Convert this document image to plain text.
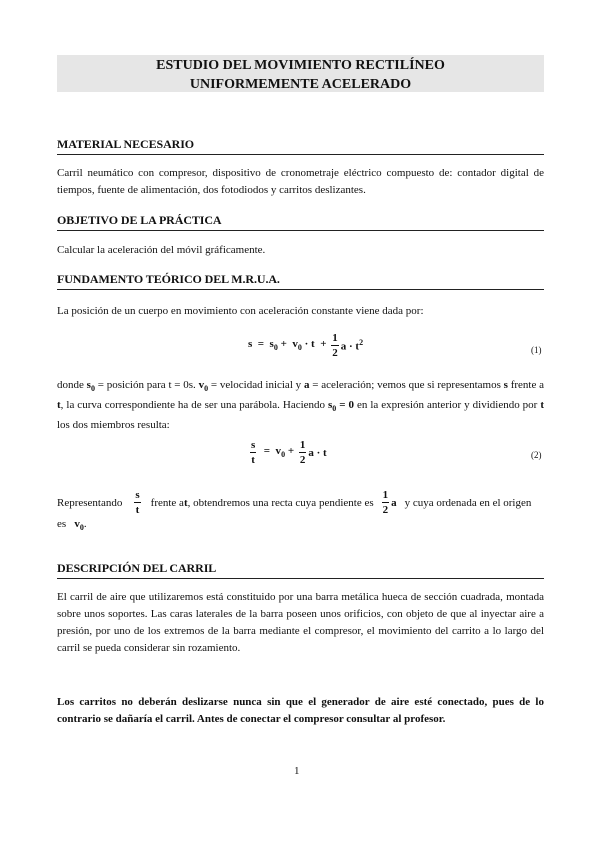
ESTUDIO DEL MOVIMIENTO RECTILÍNEO
UNIFORMEMENTE ACELERADO
MATERIAL NECESARIO
Carril neumático con compresor, dispositivo de cronometraje eléctrico compuesto de: contador digital de tiempos, fuente de alimentación, dos fotodiodos y carritos deslizantes.
OBJETIVO DE LA PRÁCTICA
Calcular la aceleración del móvil gráficamente.
FUNDAMENTO TEÓRICO DEL M.R.U.A.
La posición de un cuerpo en movimiento con aceleración constante viene dada por:
$s = s_0 + v_0 \cdot t + \frac{1}{2}$ $a \cdot t^2$
(1)
donde $s_0$ = posición para t = 0s. $v_0$ = velocidad inicial y a = aceleración; vemos que si representamos s frente a t, la curva correspondiente ha de ser una parábola. Haciendo $s_0 = 0$ en la expresión anterior y dividiendo por t los dos miembros resulta:
$\frac{s}{t} = v_0 + \frac{1}{2}$ a · t	(2)
Representando $\frac{s}{t}$ frente a t , obtendremos una recta cuya pendiente es $\frac{1}{2}$ a y cuya ordenada en el origen
es $v_0$.
DESCRIPCIÓN DEL CARRIL
El carril de aire que utilizaremos está constituido por una barra metálica hueca de sección cuadrada, montada sobre unos soportes. Las caras laterales de la barra poseen unos orificios, con objeto de que al inyectar aire a presión, por uno de los extremos de la barra mediante el compresor, el movimiento del carrito a lo largo del carril se pueda considerar sin rozamiento.
Los carritos no deberán deslizarse nunca sin que el generador de aire esté conectado, pues de lo contrario se dañaría el carril. Antes de conectar el compresor consultar al profesor.
1
